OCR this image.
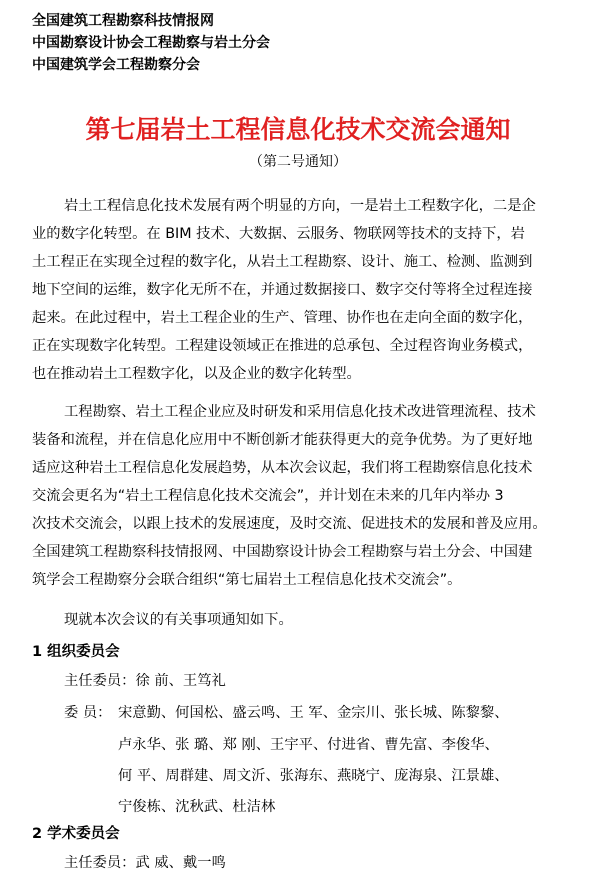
全国建筑工程勘察科技情报网
中国勘察设计协会工程勘察与岩土分会
中国建筑学会工程勘察分会
第七届岩土工程信息化技术交流会通知
（第二号通知）
岩土工程信息化技术发展有两个明显的方向，一是岩土工程数字化，二是企
业的数字化转型。在 BIM 技术、大数据、云服务、物联网等技术的支持下，岩
土工程正在实现全过程的数字化，从岩土工程勘察、设计、施工、检测、监测到
地下空间的运维，数字化无所不在，并通过数据接口、数字交付等将全过程连接
起来。在此过程中，岩土工程企业的生产、管理、协作也在走向全面的数字化，
正在实现数字化转型。工程建设领域正在推进的总承包、全过程咨询业务模式，
也在推动岩土工程数字化，以及企业的数字化转型。
工程勘察、岩土工程企业应及时研发和采用信息化技术改进管理流程、技术
装备和流程，并在信息化应用中不断创新才能获得更大的竞争优势。为了更好地
适应这种岩土工程信息化发展趋势，从本次会议起，我们将工程勘察信息化技术
交流会更名为“岩土工程信息化技术交流会”，并计划在未来的几年内举办 3
次技术交流会，以跟上技术的发展速度，及时交流、促进技术的发展和普及应用。
全国建筑工程勘察科技情报网、中国勘察设计协会工程勘察与岩土分会、中国建
筑学会工程勘察分会联合组织“第七届岩土工程信息化技术交流会”。
现就本次会议的有关事项通知如下。
1 组织委员会
主任委员：徐 前、王笃礼
委 员： 宋意勤、何国松、盛云鸣、王 军、金宗川、张长城、陈黎黎、
卢永华、张 璐、郑 刚、王宇平、付进省、曹先富、李俊华、
何 平、周群建、周文沂、张海东、燕晓宁、庞海泉、江景雄、
宁俊栋、沈秋武、杜洁林
2 学术委员会
主任委员：武 威、戴一鸣
